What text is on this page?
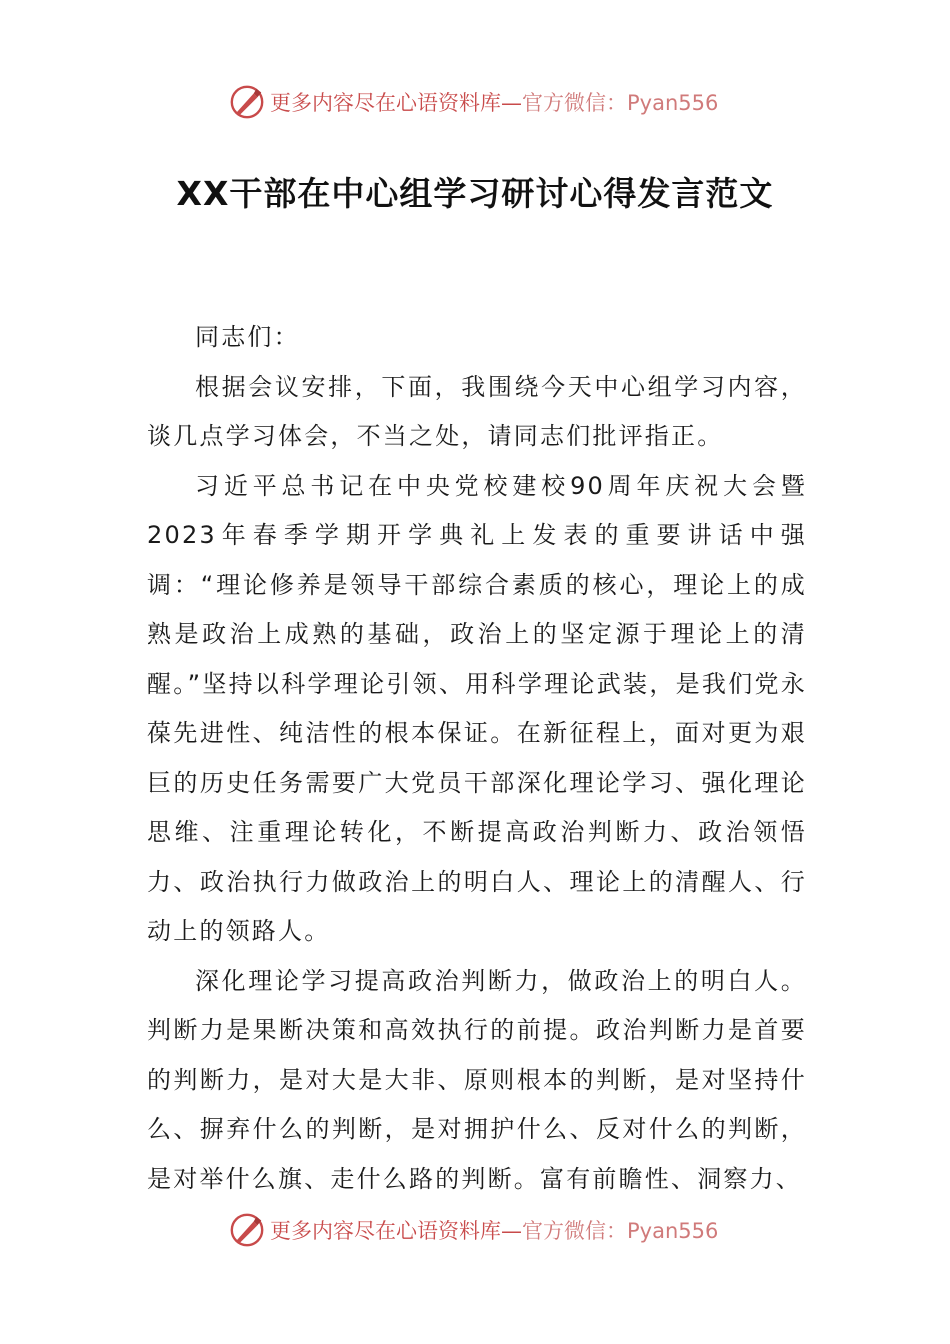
更多内容尽在心语资料库— 官方微信：Pyan556
XX干部在中心组学习研讨心得发言范文

同志们：

根据会议安排，下面，我围绕今天中心组学习内容，谈几点学习体会，不当之处，请同志们批评指正。

习近平总书记在中央党校建校90周年庆祝大会暨2023年春季学期开学典礼上发表的重要讲话中强调：“理论修养是领导干部综合素质的核心，理论上的成熟是政治上成熟的基础，政治上的坚定源于理论上的清醒。”坚持以科学理论引领、用科学理论武装，是我们党永葆先进性、纯洁性的根本保证。在新征程上，面对更为艰巨的历史任务需要广大党员干部深化理论学习、强化理论思维、注重理论转化，不断提高政治判断力、政治领悟力、政治执行力做政治上的明白人、理论上的清醒人、行动上的领路人。

深化理论学习提高政治判断力，做政治上的明白人。判断力是果断决策和高效执行的前提。政治判断力是首要的判断力，是对大是大非、原则根本的判断，是对坚持什么、摒弃什么的判断，是对拥护什么、反对什么的判断，是对举什么旗、走什么路的判断。富有前瞻性、洞察力、

更多内容尽在心语资料库— 官方微信：Pyan556
